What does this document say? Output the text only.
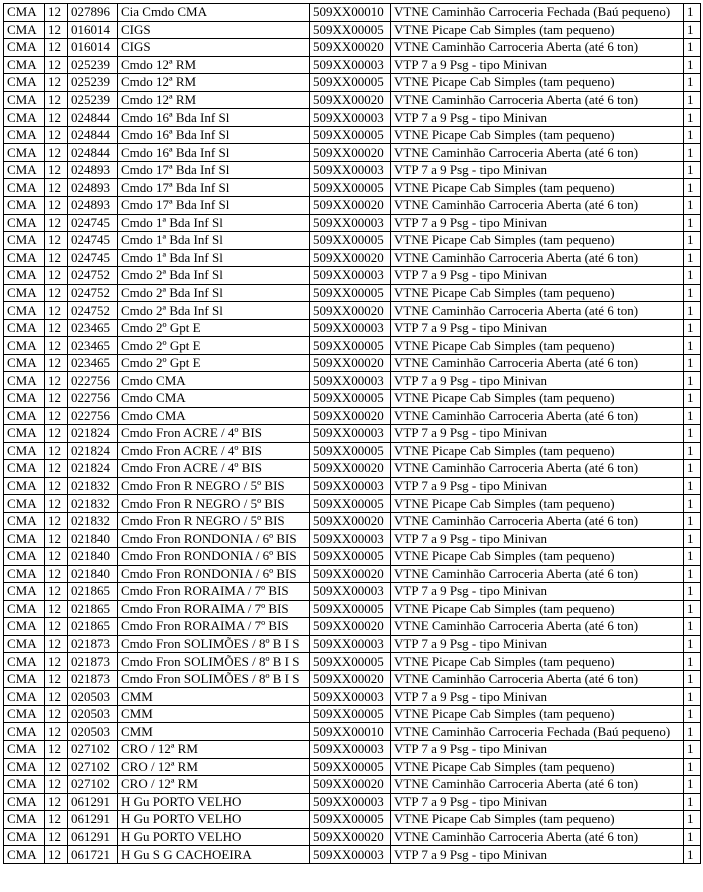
CMA	12	027896	Cia Cmdo CMA	509XX00010	VTNE Caminhão Carroceria Fechada (Baú pequeno)	1
CMA	12	016014	CIGS	509XX00005	VTNE Picape Cab Simples (tam pequeno)	1
CMA	12	016014	CIGS	509XX00020	VTNE Caminhão Carroceria Aberta (até 6 ton)	1
CMA	12	025239	Cmdo 12ª RM	509XX00003	VTP 7 a 9 Psg - tipo Minivan	1
CMA	12	025239	Cmdo 12ª RM	509XX00005	VTNE Picape Cab Simples (tam pequeno)	1
CMA	12	025239	Cmdo 12ª RM	509XX00020	VTNE Caminhão Carroceria Aberta (até 6 ton)	1
CMA	12	024844	Cmdo 16ª Bda Inf Sl	509XX00003	VTP 7 a 9 Psg - tipo Minivan	1
CMA	12	024844	Cmdo 16ª Bda Inf Sl	509XX00005	VTNE Picape Cab Simples (tam pequeno)	1
CMA	12	024844	Cmdo 16ª Bda Inf Sl	509XX00020	VTNE Caminhão Carroceria Aberta (até 6 ton)	1
CMA	12	024893	Cmdo 17ª Bda Inf Sl	509XX00003	VTP 7 a 9 Psg - tipo Minivan	1
CMA	12	024893	Cmdo 17ª Bda Inf Sl	509XX00005	VTNE Picape Cab Simples (tam pequeno)	1
CMA	12	024893	Cmdo 17ª Bda Inf Sl	509XX00020	VTNE Caminhão Carroceria Aberta (até 6 ton)	1
CMA	12	024745	Cmdo 1ª Bda Inf Sl	509XX00003	VTP 7 a 9 Psg - tipo Minivan	1
CMA	12	024745	Cmdo 1ª Bda Inf Sl	509XX00005	VTNE Picape Cab Simples (tam pequeno)	1
CMA	12	024745	Cmdo 1ª Bda Inf Sl	509XX00020	VTNE Caminhão Carroceria Aberta (até 6 ton)	1
CMA	12	024752	Cmdo 2ª Bda Inf Sl	509XX00003	VTP 7 a 9 Psg - tipo Minivan	1
CMA	12	024752	Cmdo 2ª Bda Inf Sl	509XX00005	VTNE Picape Cab Simples (tam pequeno)	1
CMA	12	024752	Cmdo 2ª Bda Inf Sl	509XX00020	VTNE Caminhão Carroceria Aberta (até 6 ton)	1
CMA	12	023465	Cmdo 2º Gpt E	509XX00003	VTP 7 a 9 Psg - tipo Minivan	1
CMA	12	023465	Cmdo 2º Gpt E	509XX00005	VTNE Picape Cab Simples (tam pequeno)	1
CMA	12	023465	Cmdo 2º Gpt E	509XX00020	VTNE Caminhão Carroceria Aberta (até 6 ton)	1
CMA	12	022756	Cmdo CMA	509XX00003	VTP 7 a 9 Psg - tipo Minivan	1
CMA	12	022756	Cmdo CMA	509XX00005	VTNE Picape Cab Simples (tam pequeno)	1
CMA	12	022756	Cmdo CMA	509XX00020	VTNE Caminhão Carroceria Aberta (até 6 ton)	1
CMA	12	021824	Cmdo Fron ACRE / 4º BIS	509XX00003	VTP 7 a 9 Psg - tipo Minivan	1
CMA	12	021824	Cmdo Fron ACRE / 4º BIS	509XX00005	VTNE Picape Cab Simples (tam pequeno)	1
CMA	12	021824	Cmdo Fron ACRE / 4º BIS	509XX00020	VTNE Caminhão Carroceria Aberta (até 6 ton)	1
CMA	12	021832	Cmdo Fron R NEGRO / 5º BIS	509XX00003	VTP 7 a 9 Psg - tipo Minivan	1
CMA	12	021832	Cmdo Fron R NEGRO / 5º BIS	509XX00005	VTNE Picape Cab Simples (tam pequeno)	1
CMA	12	021832	Cmdo Fron R NEGRO / 5º BIS	509XX00020	VTNE Caminhão Carroceria Aberta (até 6 ton)	1
CMA	12	021840	Cmdo Fron RONDONIA / 6º BIS	509XX00003	VTP 7 a 9 Psg - tipo Minivan	1
CMA	12	021840	Cmdo Fron RONDONIA / 6º BIS	509XX00005	VTNE Picape Cab Simples (tam pequeno)	1
CMA	12	021840	Cmdo Fron RONDONIA / 6º BIS	509XX00020	VTNE Caminhão Carroceria Aberta (até 6 ton)	1
CMA	12	021865	Cmdo Fron RORAIMA / 7º BIS	509XX00003	VTP 7 a 9 Psg - tipo Minivan	1
CMA	12	021865	Cmdo Fron RORAIMA / 7º BIS	509XX00005	VTNE Picape Cab Simples (tam pequeno)	1
CMA	12	021865	Cmdo Fron RORAIMA / 7º BIS	509XX00020	VTNE Caminhão Carroceria Aberta (até 6 ton)	1
CMA	12	021873	Cmdo Fron SOLIMÕES / 8º B I S	509XX00003	VTP 7 a 9 Psg - tipo Minivan	1
CMA	12	021873	Cmdo Fron SOLIMÕES / 8º B I S	509XX00005	VTNE Picape Cab Simples (tam pequeno)	1
CMA	12	021873	Cmdo Fron SOLIMÕES / 8º B I S	509XX00020	VTNE Caminhão Carroceria Aberta (até 6 ton)	1
CMA	12	020503	CMM	509XX00003	VTP 7 a 9 Psg - tipo Minivan	1
CMA	12	020503	CMM	509XX00005	VTNE Picape Cab Simples (tam pequeno)	1
CMA	12	020503	CMM	509XX00010	VTNE Caminhão Carroceria Fechada (Baú pequeno)	1
CMA	12	027102	CRO / 12ª RM	509XX00003	VTP 7 a 9 Psg - tipo Minivan	1
CMA	12	027102	CRO / 12ª RM	509XX00005	VTNE Picape Cab Simples (tam pequeno)	1
CMA	12	027102	CRO / 12ª RM	509XX00020	VTNE Caminhão Carroceria Aberta (até 6 ton)	1
CMA	12	061291	H Gu PORTO VELHO	509XX00003	VTP 7 a 9 Psg - tipo Minivan	1
CMA	12	061291	H Gu PORTO VELHO	509XX00005	VTNE Picape Cab Simples (tam pequeno)	1
CMA	12	061291	H Gu PORTO VELHO	509XX00020	VTNE Caminhão Carroceria Aberta (até 6 ton)	1
CMA	12	061721	H Gu S G CACHOEIRA	509XX00003	VTP 7 a 9 Psg - tipo Minivan	1
